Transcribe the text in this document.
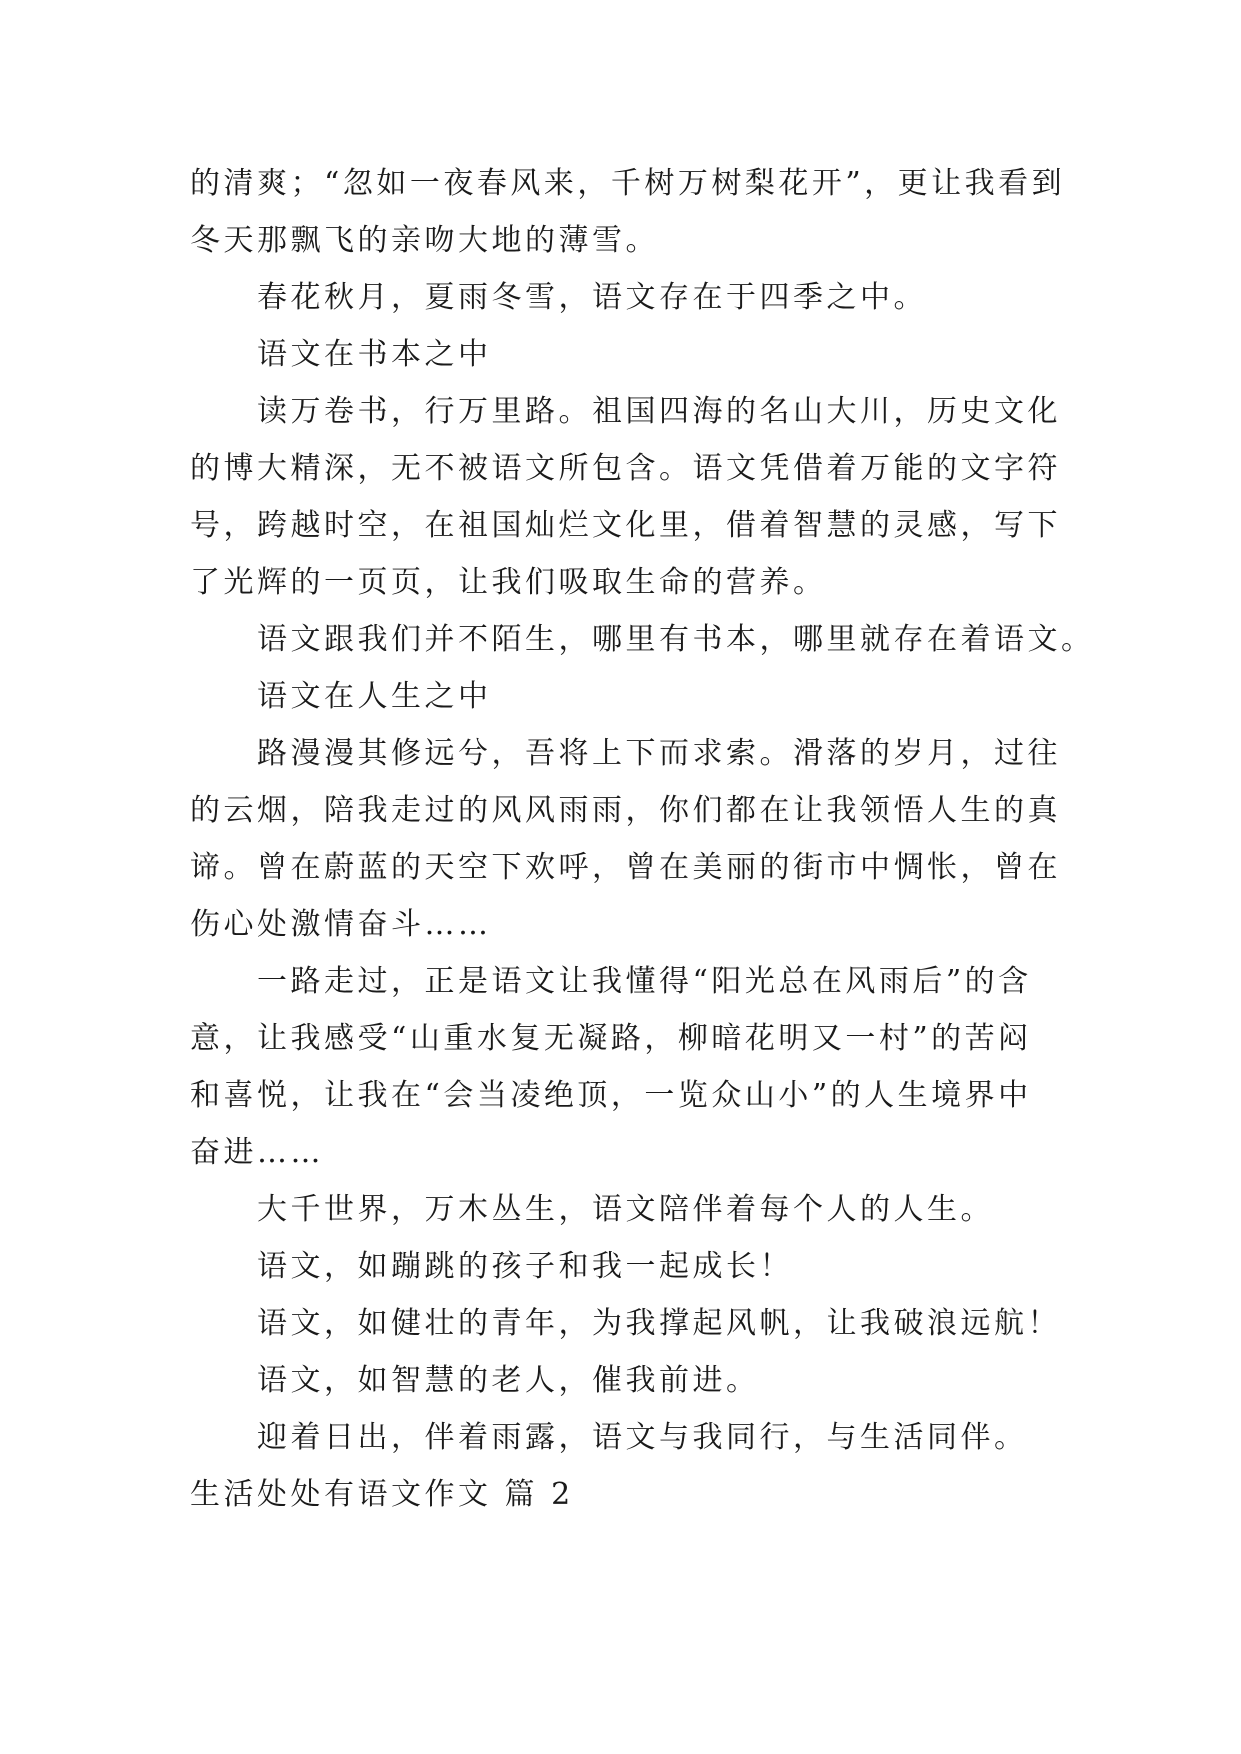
的清爽；“忽如一夜春风来，千树万树梨花开”，更让我看到
冬天那飘飞的亲吻大地的薄雪。
春花秋月，夏雨冬雪，语文存在于四季之中。
语文在书本之中
读万卷书，行万里路。祖国四海的名山大川，历史文化
的博大精深，无不被语文所包含。语文凭借着万能的文字符
号，跨越时空，在祖国灿烂文化里，借着智慧的灵感，写下
了光辉的一页页，让我们吸取生命的营养。
语文跟我们并不陌生，哪里有书本，哪里就存在着语文。
语文在人生之中
路漫漫其修远兮，吾将上下而求索。滑落的岁月，过往
的云烟，陪我走过的风风雨雨，你们都在让我领悟人生的真
谛。曾在蔚蓝的天空下欢呼，曾在美丽的街市中惆怅，曾在
伤心处激情奋斗……
一路走过，正是语文让我懂得“阳光总在风雨后”的含
意，让我感受“山重水复无凝路，柳暗花明又一村”的苦闷
和喜悦，让我在“会当凌绝顶，一览众山小”的人生境界中
奋进……
大千世界，万木丛生，语文陪伴着每个人的人生。
语文，如蹦跳的孩子和我一起成长！
语文，如健壮的青年，为我撑起风帆，让我破浪远航！
语文，如智慧的老人，催我前进。
迎着日出，伴着雨露，语文与我同行，与生活同伴。
生活处处有语文作文 篇 2
